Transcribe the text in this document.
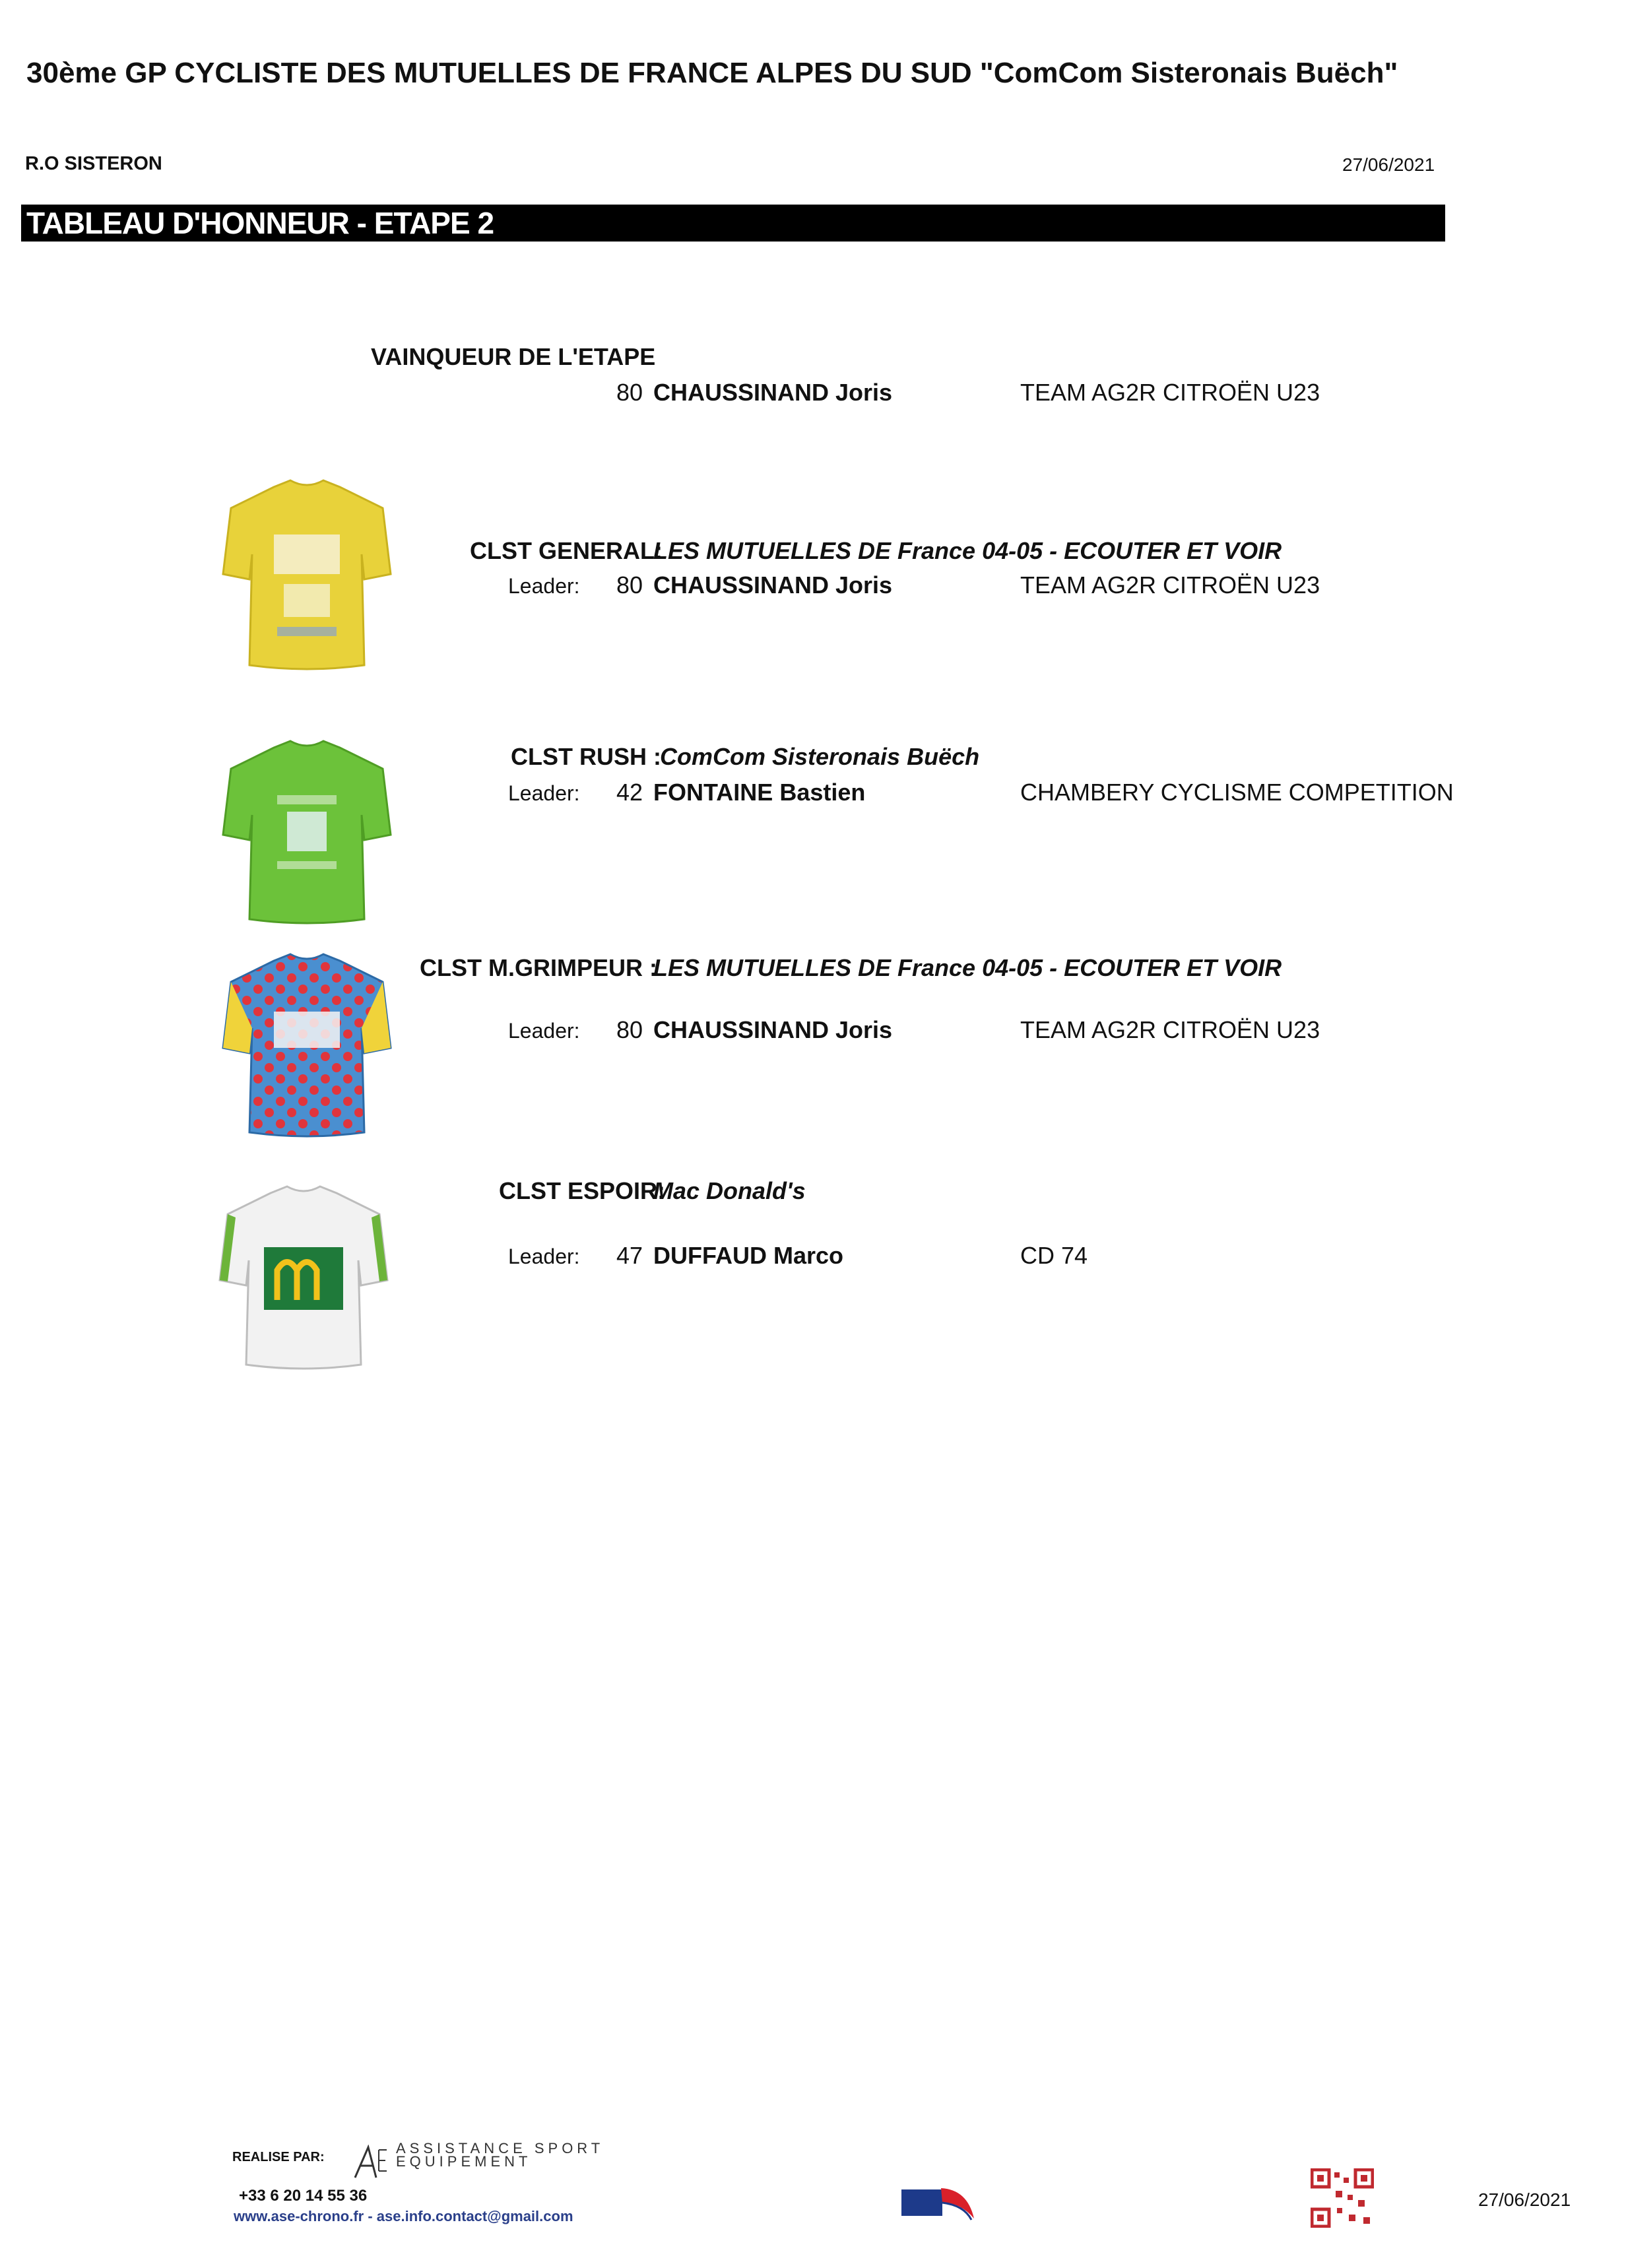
30ème GP CYCLISTE DES MUTUELLES DE FRANCE ALPES DU SUD "ComCom Sisteronais Buëch"
R.O SISTERON	27/06/2021
TABLEAU D'HONNEUR - ETAPE 2
VAINQUEUR DE L'ETAPE
80 CHAUSSINAND Joris	TEAM AG2R CITROËN U23
CLST GENERAL:
LES MUTUELLES DE France 04-05 - ECOUTER ET VOIR
Leader: 80 CHAUSSINAND Joris	TEAM AG2R CITROËN U23
CLST RUSH :
ComCom Sisteronais Buëch
Leader: 42 FONTAINE Bastien	CHAMBERY CYCLISME COMPETITION
CLST M.GRIMPEUR :
LES MUTUELLES DE France 04-05 - ECOUTER ET VOIR
Leader: 80 CHAUSSINAND Joris	TEAM AG2R CITROËN U23
CLST ESPOIR:
Mac Donald's
Leader: 47 DUFFAUD Marco	CD 74
REALISE PAR:
ASSISTANCE SPORT EQUIPEMENT
+33 6 20 14 55 36
www.ase-chrono.fr - ase.info.contact@gmail.com
27/06/2021
